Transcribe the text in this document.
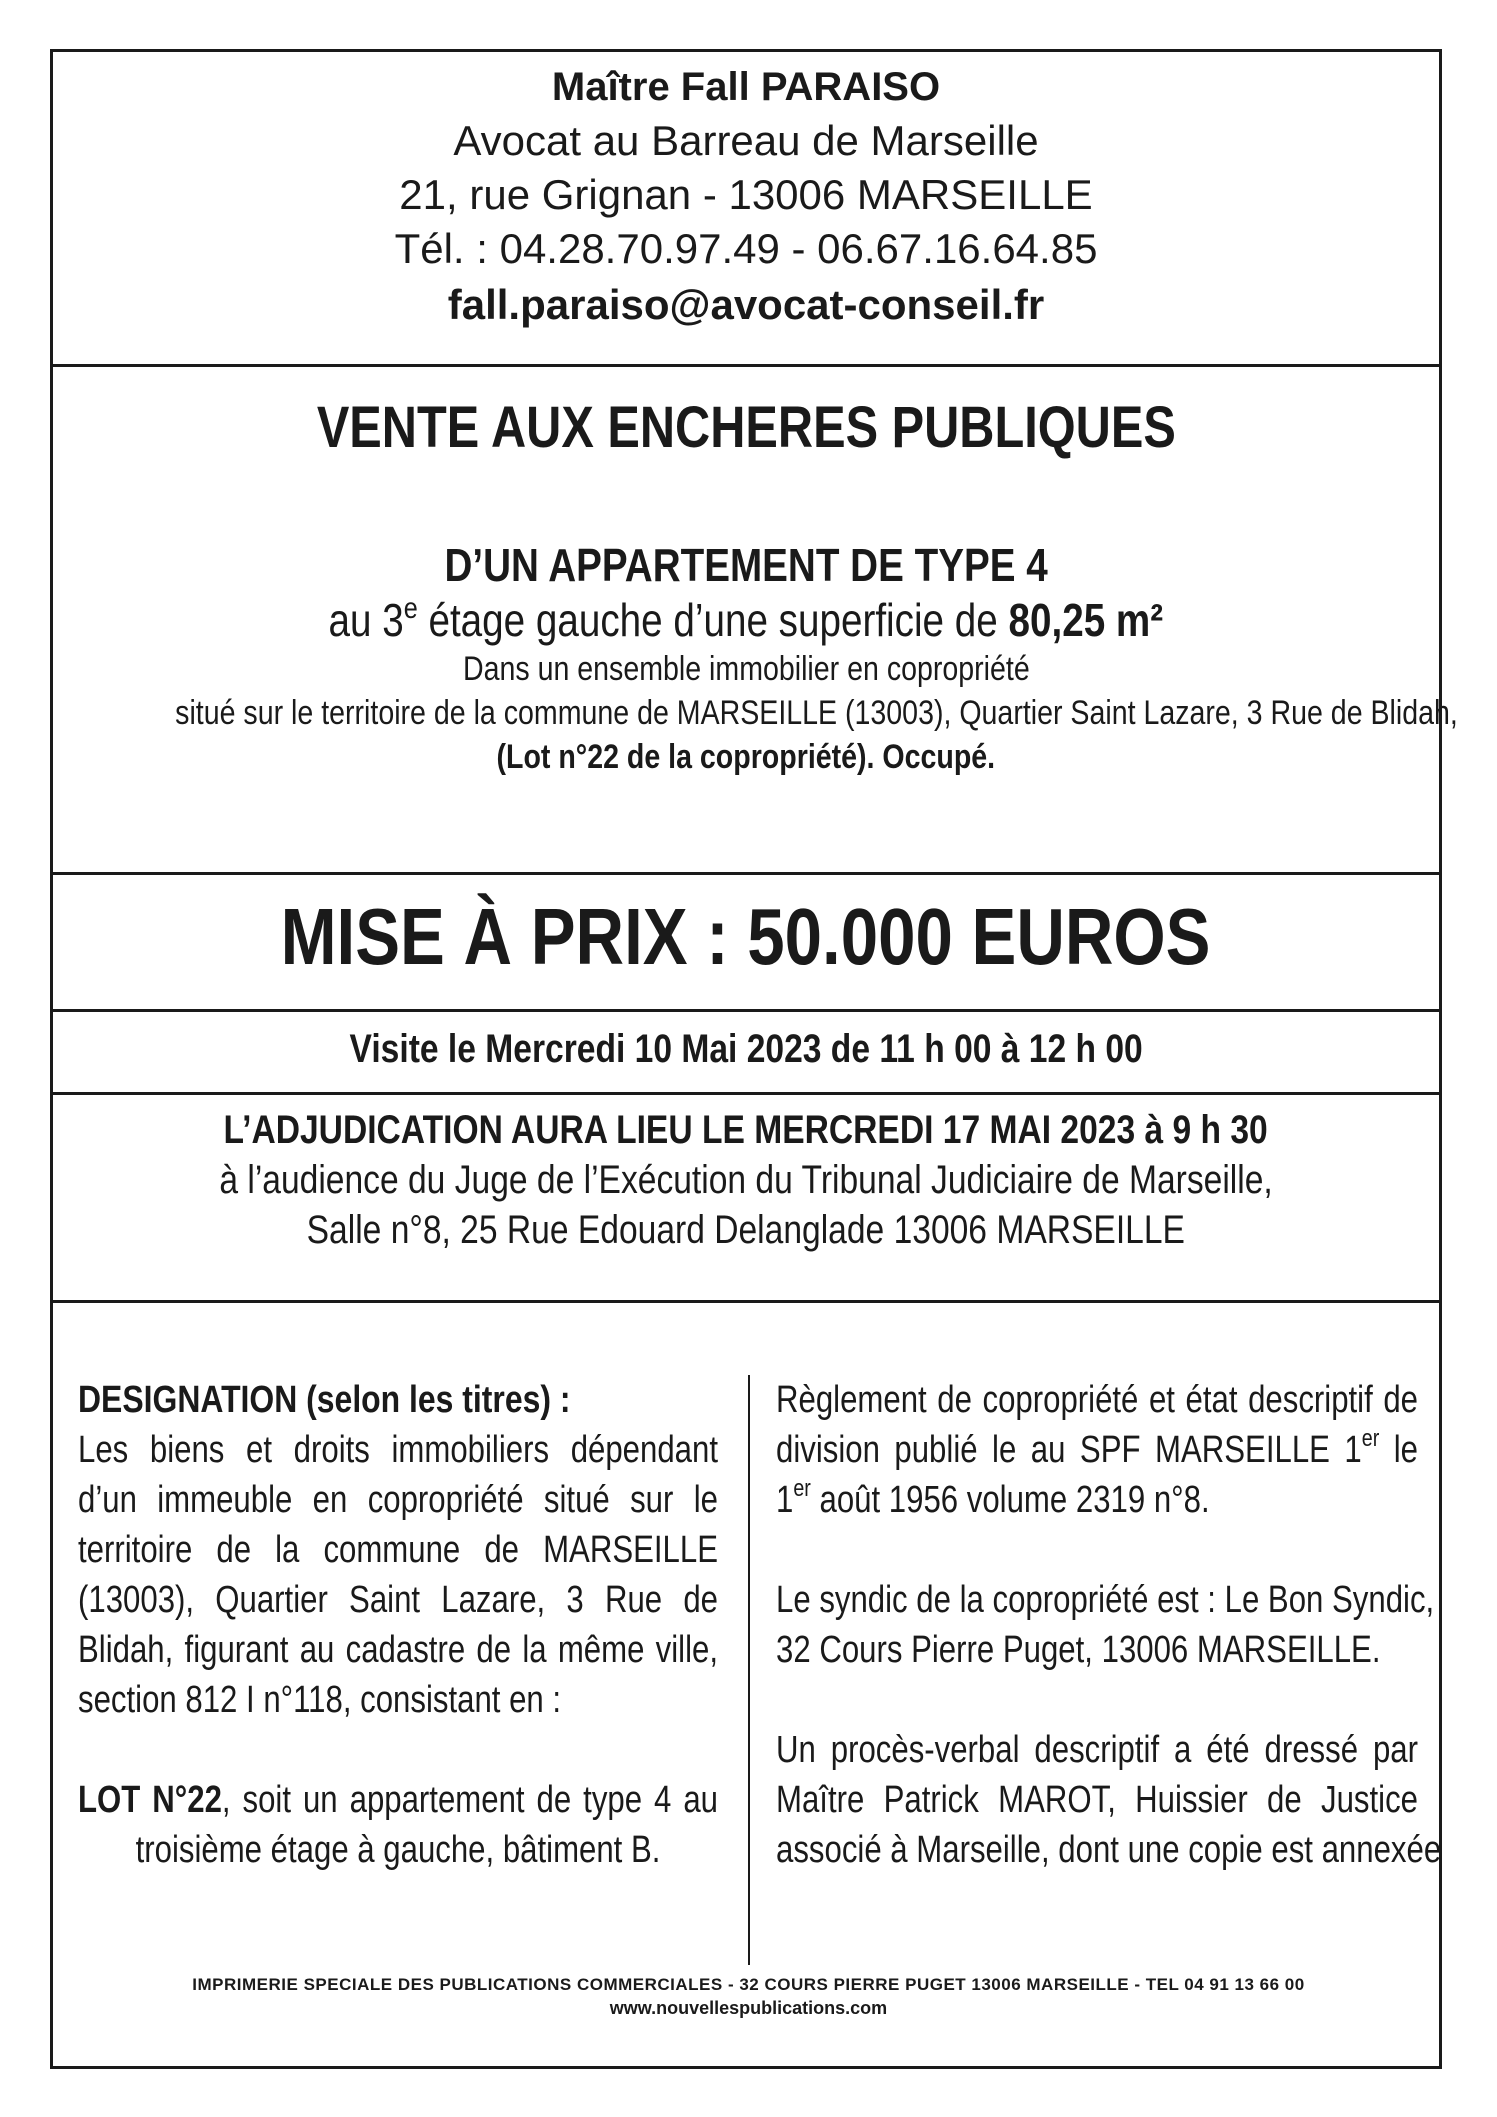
Maître Fall PARAISO
Avocat au Barreau de Marseille
21, rue Grignan - 13006 MARSEILLE
Tél. : 04.28.70.97.49 - 06.67.16.64.85
fall.paraiso@avocat-conseil.fr
VENTE AUX ENCHERES PUBLIQUES
D’UN APPARTEMENT DE TYPE 4
au 3e étage gauche d’une superficie de 80,25 m²
Dans un ensemble immobilier en copropriété
situé sur le territoire de la commune de MARSEILLE (13003), Quartier Saint Lazare, 3 Rue de Blidah,
(Lot n°22 de la copropriété). Occupé.
MISE À PRIX : 50.000 EUROS
Visite le Mercredi 10 Mai 2023 de 11 h 00 à 12 h 00
L’ADJUDICATION AURA LIEU LE MERCREDI 17 MAI 2023 à 9 h 30
à l’audience du Juge de l’Exécution du Tribunal Judiciaire de Marseille,
Salle n°8, 25 Rue Edouard Delanglade 13006 MARSEILLE
DESIGNATION (selon les titres) :
Les biens et droits immobiliers dépendant
d’un immeuble en copropriété situé sur le
territoire de la commune de MARSEILLE
(13003), Quartier Saint Lazare, 3 Rue de
Blidah, figurant au cadastre de la même ville,
section 812 I n°118, consistant en :
LOT N°22, soit un appartement de type 4 au
troisième étage à gauche, bâtiment B.
Règlement de copropriété et état descriptif de
division publié le au SPF MARSEILLE 1er le
1er août 1956 volume 2319 n°8.
Le syndic de la copropriété est : Le Bon Syndic,
32 Cours Pierre Puget, 13006 MARSEILLE.
Un procès-verbal descriptif a été dressé par
Maître Patrick MAROT, Huissier de Justice
associé à Marseille, dont une copie est annexée
IMPRIMERIE SPECIALE DES PUBLICATIONS COMMERCIALES - 32 COURS PIERRE PUGET 13006 MARSEILLE - TEL 04 91 13 66 00
www.nouvellespublications.com
